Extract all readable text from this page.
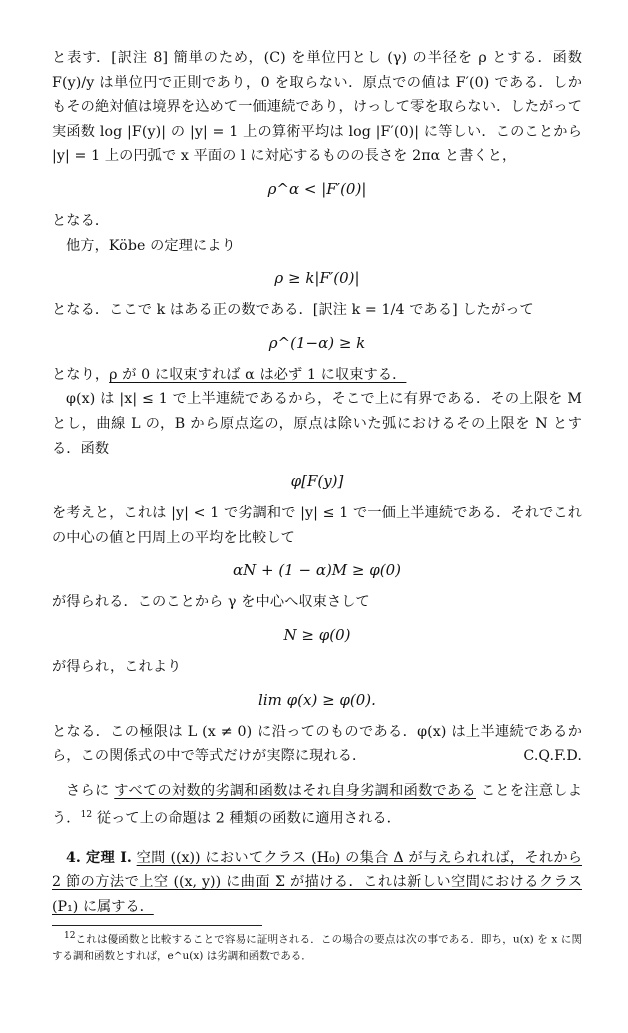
と表す．[訳注 8] 簡単のため，(C) を単位円とし (γ) の半径を ρ とする．函数 F(y)/y は単位円で正則であり，0 を取らない．原点での値は F′(0) である．しかもその絶対値は境界を込めて一価連続であり，けっして零を取らない．したがって実函数 log |F(y)| の |y| = 1 上の算術平均は log |F′(0)| に等しい．このことから |y| = 1 上の円弧で x 平面の l に対応するものの長さを 2πα と書くと，

ρ^α < |F′(0)|

となる．

他方，Köbe の定理により

ρ ≥ k|F′(0)|

となる．ここで k はある正の数である．[訳注 k = 1/4 である] したがって

ρ^(1−α) ≥ k

となり，ρ が 0 に収束すれば α は必ず 1 に収束する．

φ(x) は |x| ≤ 1 で上半連続であるから，そこで上に有界である．その上限を M とし，曲線 L の，B から原点迄の，原点は除いた弧におけるその上限を N とする．函数

φ[F(y)]

を考えと，これは |y| < 1 で劣調和で |y| ≤ 1 で一価上半連続である．それでこれの中心の値と円周上の平均を比較して

αN + (1 − α)M ≥ φ(0)

が得られる．このことから γ を中心へ収束さして

N ≥ φ(0)

が得られ，これより

lim φ(x) ≥ φ(0).

となる．この極限は L (x ≠ 0) に沿ってのものである．φ(x) は上半連続であるから，この関係式の中で等式だけが実際に現れる．	C.Q.F.D.

さらに すべての対数的劣調和函数はそれ自身劣調和函数である ことを注意しよう．$^{12}$ 従って上の命題は 2 種類の函数に適用される．

4. 定理 I. 空間 ((x)) においてクラス (H₀) の集合 Δ が与えられれば，それから 2 節の方法で上空 ((x, y)) に曲面 Σ が描ける．これは新しい空間におけるクラス (P₁) に属する．

$^{12}$これは優函数と比較することで容易に証明される．この場合の要点は次の事である．即ち，u(x) を x に関する調和函数とすれば，e^u(x) は劣調和函数である．
